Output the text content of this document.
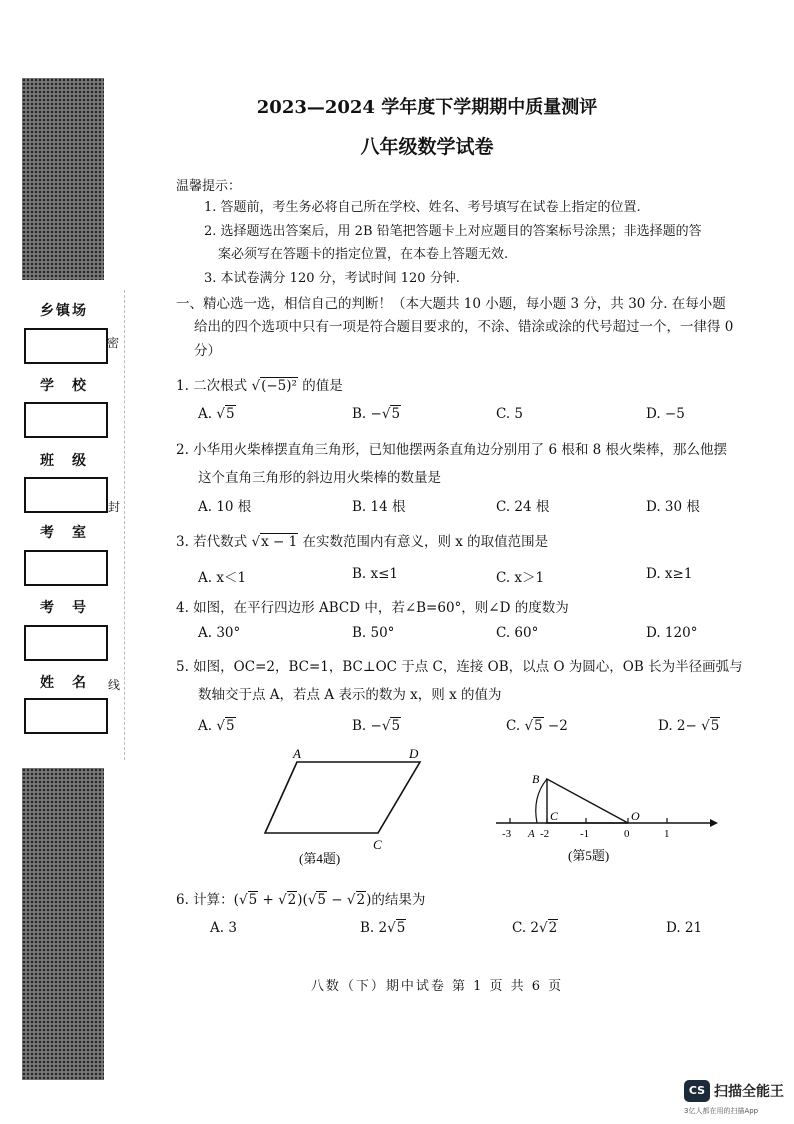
乡镇场
学　校
班　级
考　室
考　号
姓　名
密
封
线
2023—2024 学年度下学期期中质量测评
八年级数学试卷
温馨提示：
1. 答题前，考生务必将自己所在学校、姓名、考号填写在试卷上指定的位置.
2. 选择题选出答案后，用 2B 铅笔把答题卡上对应题目的答案标号涂黑；非选择题的答
案必须写在答题卡的指定位置，在本卷上答题无效.
3. 本试卷满分 120 分，考试时间 120 分钟.
一、精心选一选，相信自己的判断！（本大题共 10 小题，每小题 3 分，共 30 分. 在每小题
给出的四个选项中只有一项是符合题目要求的，不涂、错涂或涂的代号超过一个，一律得 0
分）
1. 二次根式 √(−5)² 的值是
A. √5	B. −√5	C. 5	D. −5
2. 小华用火柴棒摆直角三角形，已知他摆两条直角边分别用了 6 根和 8 根火柴棒，那么他摆
这个直角三角形的斜边用火柴棒的数量是
A. 10 根	B. 14 根	C. 24 根	D. 30 根
3. 若代数式 √x − 1 在实数范围内有意义，则 x 的取值范围是
A. x＜1	B. x≤1	C. x＞1	D. x≥1
4. 如图，在平行四边形 ABCD 中，若∠B=60°，则∠D 的度数为
A. 30°	B. 50°	C. 60°	D. 120°
5. 如图，OC=2，BC=1，BC⊥OC 于点 C，连接 OB，以点 O 为圆心，OB 长为半径画弧与
数轴交于点 A，若点 A 表示的数为 x，则 x 的值为
A. √5	B. −√5	C. √5 −2	D. 2− √5
A	D
C
(第4题)
B
C	O
A
-3	-2	-1	0	1
(第5题)
6. 计算：(√5 + √2)(√5 − √2)的结果为
A. 3	B. 2√5	C. 2√2	D. 21
八数（下）期中试卷 第 1 页 共 6 页
CS 扫描全能王
3亿人都在用的扫描App
